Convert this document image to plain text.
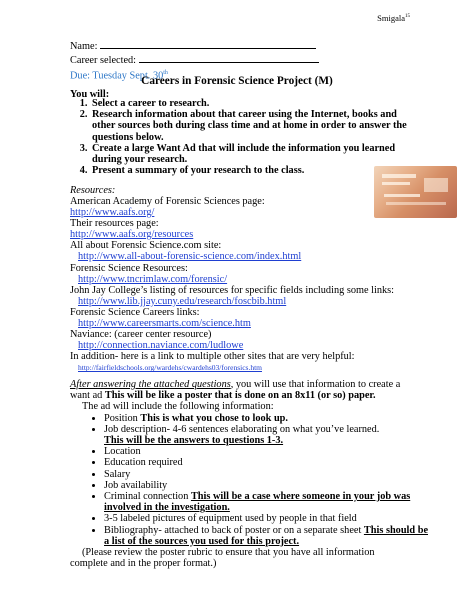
Smigala$^{15}$
Name:
Career selected:
Due: Tuesday Sept. 30th
Careers in Forensic Science Project (M)
You will:
1. Select a career to research.
2. Research information about that career using the Internet, books and other sources both during class time and at home in order to answer the questions below.
3. Create a large Want Ad that will include the information you learned during your research.
4. Present a summary of your research to the class.
Resources:
American Academy of Forensic Sciences page:
http://www.aafs.org/
Their resources page:
http://www.aafs.org/resources
All about Forensic Science.com site:
http://www.all-about-forensic-science.com/index.html
Forensic Science Resources:
http://www.tncrimlaw.com/forensic/
John Jay College’s listing of resources for specific fields including some links:
http://www.lib.jjay.cuny.edu/research/foscbib.html
Forensic Science Careers links:
http://www.careersmarts.com/science.htm
Naviance: (career center resource)
http://connection.naviance.com/ludlowe
In addition- here is a link to multiple other sites that are very helpful:
http://fairfieldschools.org/wardehs/cwardehs03/forensics.htm
After answering the attached questions, you will use that information to create a
want ad This will be like a poster that is done on an 8x11 (or so) paper.
The ad will include the following information:
• Position This is what you chose to look up.
• Job description- 4-6 sentences elaborating on what you’ve learned.
This will be the answers to questions 1-3.
• Location
• Education required
• Salary
• Job availability
• Criminal connection This will be a case where someone in your job was involved in the investigation.
• 3-5 labeled pictures of equipment used by people in that field
• Bibliography- attached to back of poster or on a separate sheet This should be a list of the sources you used for this project.
(Please review the poster rubric to ensure that you have all information
complete and in the proper format.)
